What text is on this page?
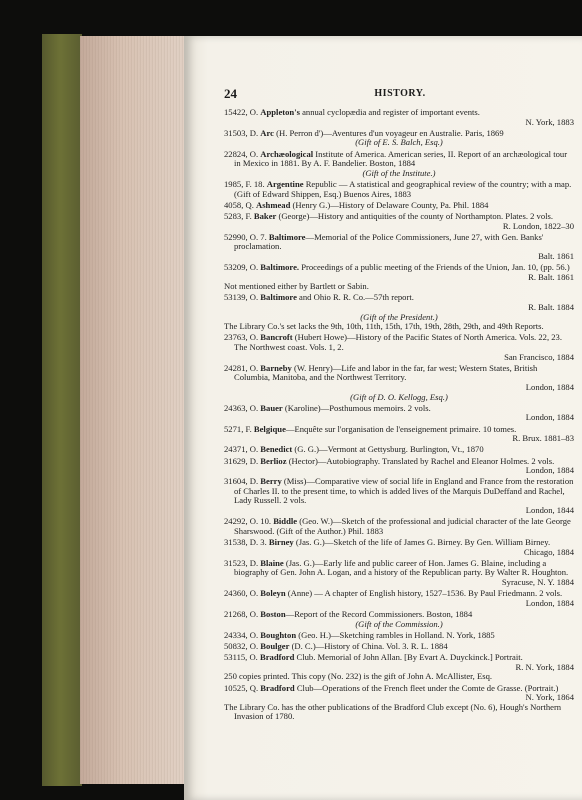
24	HISTORY.
15422, O. Appleton's annual cyclopædia and register of important events.
N. York, 1883
31503, D. Arc (H. Perron d')—Aventures d'un voyageur en Australie. Paris, 1869
(Gift of E. S. Balch, Esq.)
22824, O. Archæological Institute of America. American series, II. Report of an archæological tour in Mexico in 1881. By A. F. Bandelier. Boston, 1884
(Gift of the Institute.)
1985, F. 18. Argentine Republic — A statistical and geographical review of the country; with a map. (Gift of Edward Shippen, Esq.) Buenos Aires, 1883
4058, Q. Ashmead (Henry G.)—History of Delaware County, Pa. Phil. 1884
5283, F. Baker (George)—History and antiquities of the county of Northampton. Plates. 2 vols.
R. London, 1822–30
52990, O. 7. Baltimore—Memorial of the Police Commissioners, June 27, with Gen. Banks' proclamation.
Balt. 1861
53209, O. Baltimore. Proceedings of a public meeting of the Friends of the Union, Jan. 10, (pp. 56.)
R. Balt. 1861
Not mentioned either by Bartlett or Sabin.
53139, O. Baltimore and Ohio R. R. Co.—57th report.
R. Balt. 1884
(Gift of the President.)
The Library Co.'s set lacks the 9th, 10th, 11th, 15th, 17th, 19th, 28th, 29th, and 49th Reports.
23763, O. Bancroft (Hubert Howe)—History of the Pacific States of North America. Vols. 22, 23. The Northwest coast. Vols. 1, 2.
San Francisco, 1884
24281, O. Barneby (W. Henry)—Life and labor in the far, far west; Western States, British Columbia, Manitoba, and the Northwest Territory.
London, 1884
(Gift of D. O. Kellogg, Esq.)
24363, O. Bauer (Karoline)—Posthumous memoirs. 2 vols.
London, 1884
5271, F. Belgique—Enquête sur l'organisation de l'enseignement primaire. 10 tomes.
R. Brux. 1881–83
24371, O. Benedict (G. G.)—Vermont at Gettysburg. Burlington, Vt., 1870
31629, D. Berlioz (Hector)—Autobiography. Translated by Rachel and Eleanor Holmes. 2 vols.
London, 1884
31604, D. Berry (Miss)—Comparative view of social life in England and France from the restoration of Charles II. to the present time, to which is added lives of the Marquis DuDeffand and Rachel, Lady Russell. 2 vols.
London, 1844
24292, O. 10. Biddle (Geo. W.)—Sketch of the professional and judicial character of the late George Sharswood. (Gift of the Author.) Phil. 1883
31538, D. 3. Birney (Jas. G.)—Sketch of the life of James G. Birney. By Gen. William Birney.
Chicago, 1884
31523, D. Blaine (Jas. G.)—Early life and public career of Hon. James G. Blaine, including a biography of Gen. John A. Logan, and a history of the Republican party. By Walter R. Houghton.
Syracuse, N. Y. 1884
24360, O. Boleyn (Anne) — A chapter of English history, 1527–1536. By Paul Friedmann. 2 vols.
London, 1884
21268, O. Boston—Report of the Record Commissioners. Boston, 1884
(Gift of the Commission.)
24334, O. Boughton (Geo. H.)—Sketching rambles in Holland. N. York, 1885
50832, O. Boulger (D. C.)—History of China. Vol. 3. R. L. 1884
53115, O. Bradford Club. Memorial of John Allan. [By Evart A. Duyckinck.] Portrait.
R. N. York, 1884
250 copies printed. This copy (No. 232) is the gift of John A. McAllister, Esq.
10525, Q. Bradford Club—Operations of the French fleet under the Comte de Grasse. (Portrait.)
N. York, 1864
The Library Co. has the other publications of the Bradford Club except (No. 6), Hough's Northern Invasion of 1780.
